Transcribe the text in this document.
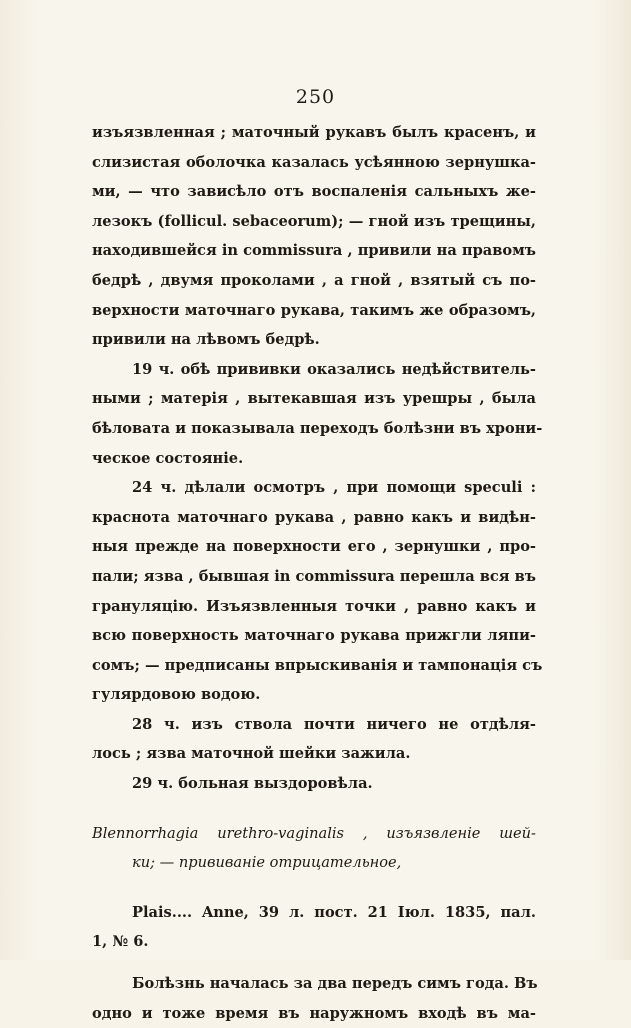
250
изъязвленная ; маточный рукавъ былъ красенъ, и
слизистая оболочка казалась усѣянною зернушка-
ми, — что зависѣло отъ воспаленія сальныхъ же-
лезокъ (follicul. sebaceorum); — гной изъ трещины,
находившейся in commissura , привили на правомъ
бедрѣ , двумя проколами , а гной , взятый съ по-
верхности маточнаго рукава, такимъ же образомъ,
привили на лѣвомъ бедрѣ.
19 ч. обѣ прививки оказались недѣйствитель-
ными ; матерія , вытекавшая изъ урешры , была
бѣловата и показывала переходъ болѣзни въ хрони-
ческое состояніе.
24 ч. дѣлали осмотръ , при помощи speculi :
краснота маточнаго рукава , равно какъ и видѣн-
ныя прежде на поверхности его , зернушки , про-
пали; язва , бывшая in commissura перешла вся въ
грануляцію. Изъязвленныя точки , равно какъ и
всю поверхность маточнаго рукава прижгли ляпи-
сомъ; — предписаны впрыскиванія и тампонація съ
гулярдовою водою.
28 ч. изъ ствола почти ничего не отдѣля-
лось ; язва маточной шейки зажила.
29 ч. больная выздоровѣла.
Blennorrhagia urethro-vaginalis , изъязвленіе шей-
ки; — прививаніе отрицательное,
Plais.... Anne, 39 л. пост. 21 Іюл. 1835, пал.
1, № 6.
Болѣзнь началась за два передъ симъ года. Въ
одно и тоже время въ наружномъ входѣ въ ма-
